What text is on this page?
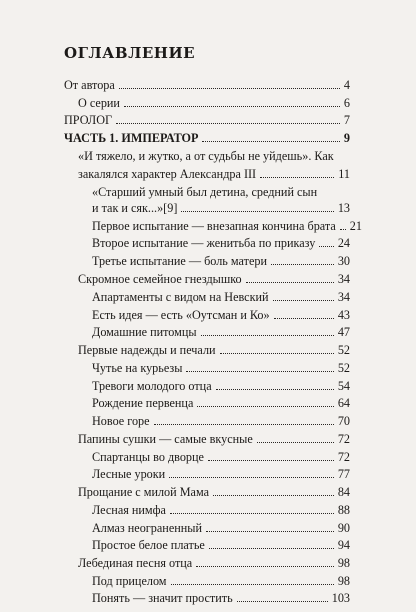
оглавление
От автора	4
О серии	6
ПРОЛОГ	7
ЧАСТЬ 1. ИМПЕРАТОР	9
«И тяжело, и жутко, а от судьбы не уйдешь». Как
закалялся характер Александра III	11
«Старший умный был детина, средний сын
и так и сяк...»[9]	13
Первое испытание — внезапная кончина брата 21
Второе испытание — женитьба по приказу 24
Третье испытание — боль матери	30
Скромное семейное гнездышко	34
Апартаменты с видом на Невский	34
Есть идея — есть «Оутсман и Ко»	43
Домашние питомцы	47
Первые надежды и печали	52
Чутье на курьезы	52
Тревоги молодого отца	54
Рождение первенца	64
Новое горе	70
Папины сушки — самые вкусные	72
Спартанцы во дворце	72
Лесные уроки	77
Прощание с милой Мама	84
Лесная нимфа	88
Алмаз неограненный	90
Простое белое платье	94
Лебединая песня отца	98
Под прицелом	98
Понять — значит простить	103
